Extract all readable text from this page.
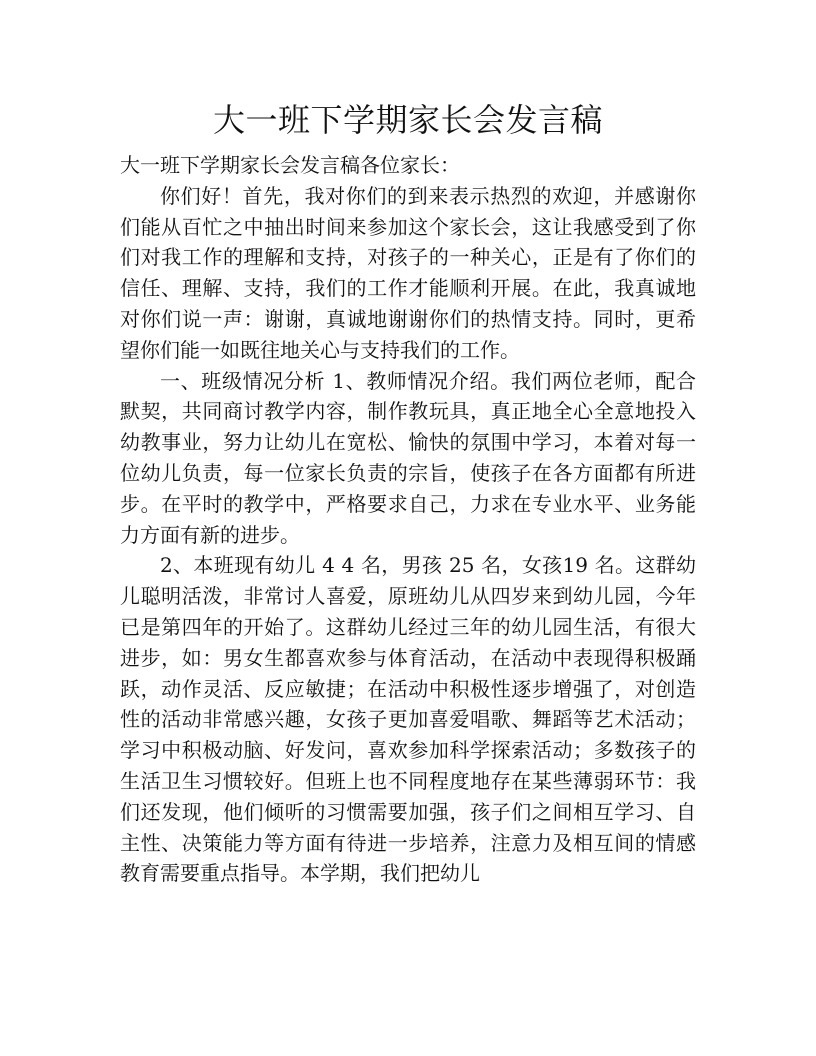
大一班下学期家长会发言稿

大一班下学期家长会发言稿各位家长：

你们好！首先，我对你们的到来表示热烈的欢迎，并感谢你们能从百忙之中抽出时间来参加这个家长会，这让我感受到了你们对我工作的理解和支持，对孩子的一种关心，正是有了你们的信任、理解、支持，我们的工作才能顺利开展。在此，我真诚地对你们说一声：谢谢，真诚地谢谢你们的热情支持。同时，更希望你们能一如既往地关心与支持我们的工作。

一、班级情况分析 1、教师情况介绍。我们两位老师，配合默契，共同商讨教学内容，制作教玩具，真正地全心全意地投入幼教事业，努力让幼儿在宽松、愉快的氛围中学习，本着对每一位幼儿负责，每一位家长负责的宗旨，使孩子在各方面都有所进步。在平时的教学中，严格要求自己，力求在专业水平、业务能力方面有新的进步。

2、本班现有幼儿 4 4 名，男孩 25 名，女孩19 名。这群幼儿聪明活泼，非常讨人喜爱，原班幼儿从四岁来到幼儿园，今年已是第四年的开始了。这群幼儿经过三年的幼儿园生活，有很大进步，如：男女生都喜欢参与体育活动，在活动中表现得积极踊跃，动作灵活、反应敏捷；在活动中积极性逐步增强了，对创造性的活动非常感兴趣，女孩子更加喜爱唱歌、舞蹈等艺术活动；学习中积极动脑、好发问，喜欢参加科学探索活动；多数孩子的生活卫生习惯较好。但班上也不同程度地存在某些薄弱环节：我们还发现，他们倾听的习惯需要加强，孩子们之间相互学习、自主性、决策能力等方面有待进一步培养，注意力及相互间的情感教育需要重点指导。本学期，我们把幼儿
